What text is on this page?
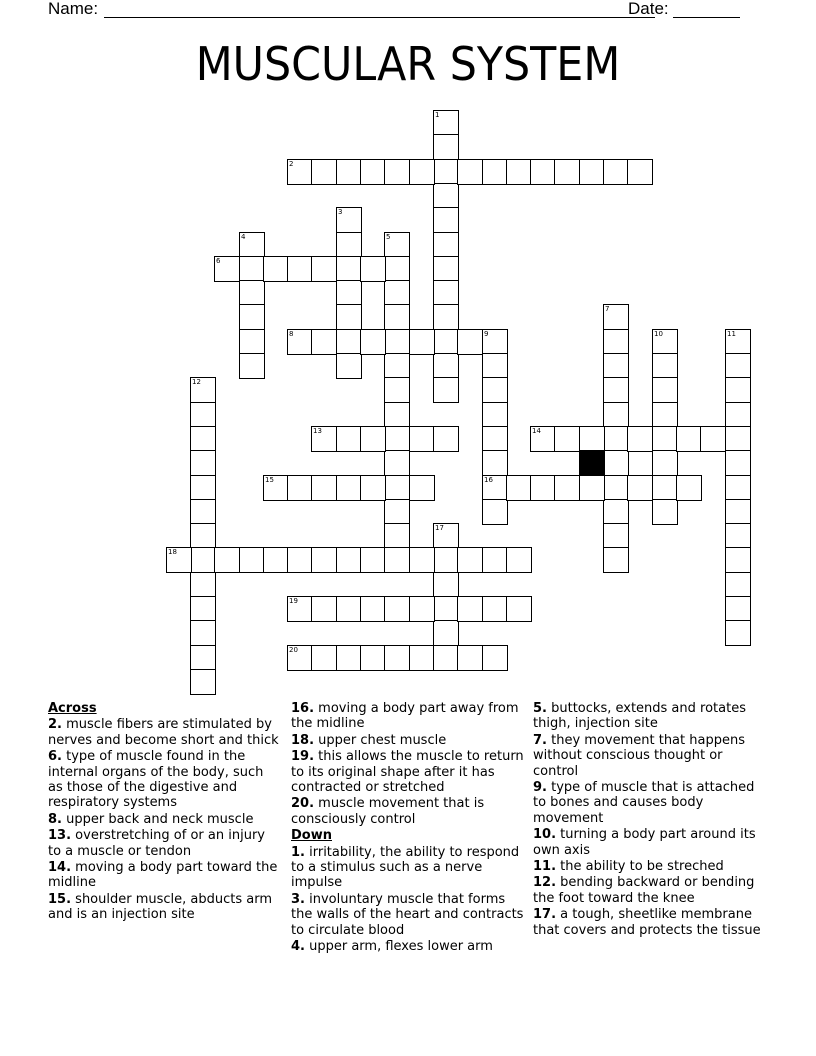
Name:	Date:
MUSCULAR SYSTEM
1
2
3
4	5
6
7
8	9
16
10	11
12
13	14
15
17
18
19
20
Across
2. muscle fibers are stimulated by nerves and become short and thick
6. type of muscle found in the internal organs of the body, such as those of the digestive and respiratory systems
8. upper back and neck muscle
13. overstretching of or an injury to a muscle or tendon
14. moving a body part toward the midline
15. shoulder muscle, abducts arm and is an injection site
16. moving a body part away from the midline
18. upper chest muscle
19. this allows the muscle to return to its original shape after it has contracted or stretched
20. muscle movement that is consciously control
Down
1. irritability, the ability to respond to a stimulus such as a nerve impulse
3. involuntary muscle that forms the walls of the heart and contracts to circulate blood
4. upper arm, flexes lower arm
5. buttocks, extends and rotates thigh, injection site
7. they movement that happens without conscious thought or control
9. type of muscle that is attached to bones and causes body movement
10. turning a body part around its own axis
11. the ability to be streched
12. bending backward or bending the foot toward the knee
17. a tough, sheetlike membrane that covers and protects the tissue
